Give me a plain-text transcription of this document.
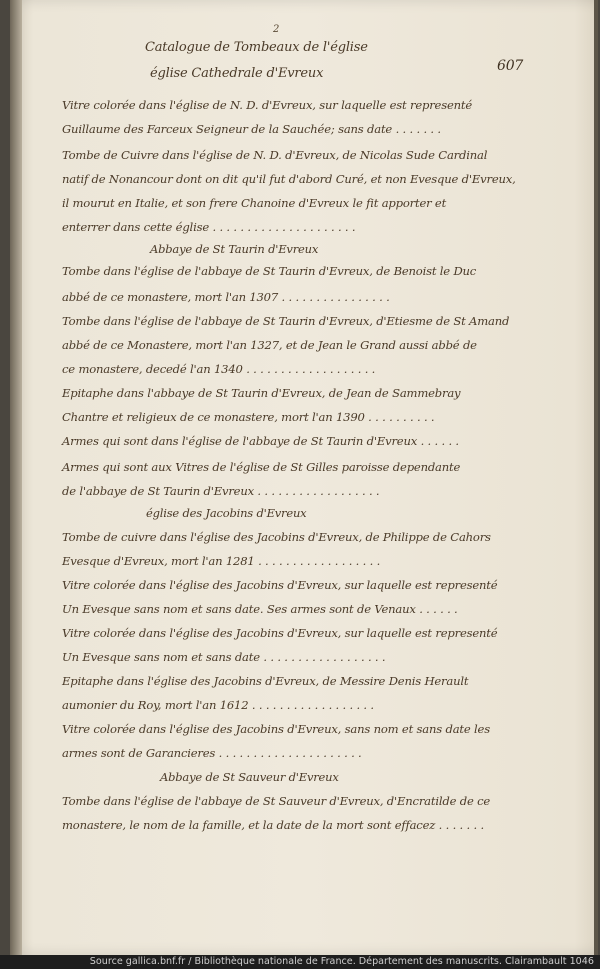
2
Catalogue de Tombeaux de l'église
607
église Cathedrale d'Evreux
Vitre colorée dans l'église de N. D. d'Evreux, sur laquelle est representé
Guillaume des Farceux Seigneur de la Sauchée; sans date . . . . . . .
Tombe de Cuivre dans l'église de N. D. d'Evreux, de Nicolas Sude Cardinal
natif de Nonancour dont on dit qu'il fut d'abord Curé, et non Evesque d'Evreux,
il mourut en Italie, et son frere Chanoine d'Evreux le fit apporter et
enterrer dans cette église . . . . . . . . . . . . . . . . . . . . .
Abbaye de St Taurin d'Evreux
Tombe dans l'église de l'abbaye de St Taurin d'Evreux, de Benoist le Duc
abbé de ce monastere, mort l'an 1307 . . . . . . . . . . . . . . . .
Tombe dans l'église de l'abbaye de St Taurin d'Evreux, d'Etiesme de St Amand
abbé de ce Monastere, mort l'an 1327, et de Jean le Grand aussi abbé de
ce monastere, decedé l'an 1340 . . . . . . . . . . . . . . . . . . .
Epitaphe dans l'abbaye de St Taurin d'Evreux, de Jean de Sammebray
Chantre et religieux de ce monastere, mort l'an 1390 . . . . . . . . . .
Armes qui sont dans l'église de l'abbaye de St Taurin d'Evreux . . . . . .
Armes qui sont aux Vitres de l'église de St Gilles paroisse dependante
de l'abbaye de St Taurin d'Evreux . . . . . . . . . . . . . . . . . .
église des Jacobins d'Evreux
Tombe de cuivre dans l'église des Jacobins d'Evreux, de Philippe de Cahors
Evesque d'Evreux, mort l'an 1281 . . . . . . . . . . . . . . . . . .
Vitre colorée dans l'église des Jacobins d'Evreux, sur laquelle est representé
Un Evesque sans nom et sans date. Ses armes sont de Venaux . . . . . .
Vitre colorée dans l'église des Jacobins d'Evreux, sur laquelle est representé
Un Evesque sans nom et sans date . . . . . . . . . . . . . . . . . .
Epitaphe dans l'église des Jacobins d'Evreux, de Messire Denis Herault
aumonier du Roy, mort l'an 1612 . . . . . . . . . . . . . . . . . .
Vitre colorée dans l'église des Jacobins d'Evreux, sans nom et sans date les
armes sont de Garancieres . . . . . . . . . . . . . . . . . . . . .
Abbaye de St Sauveur d'Evreux
Tombe dans l'église de l'abbaye de St Sauveur d'Evreux, d'Encratilde de ce
monastere, le nom de la famille, et la date de la mort sont effacez . . . . . . .
Source gallica.bnf.fr / Bibliothèque nationale de France. Département des manuscrits. Clairambault 1046
